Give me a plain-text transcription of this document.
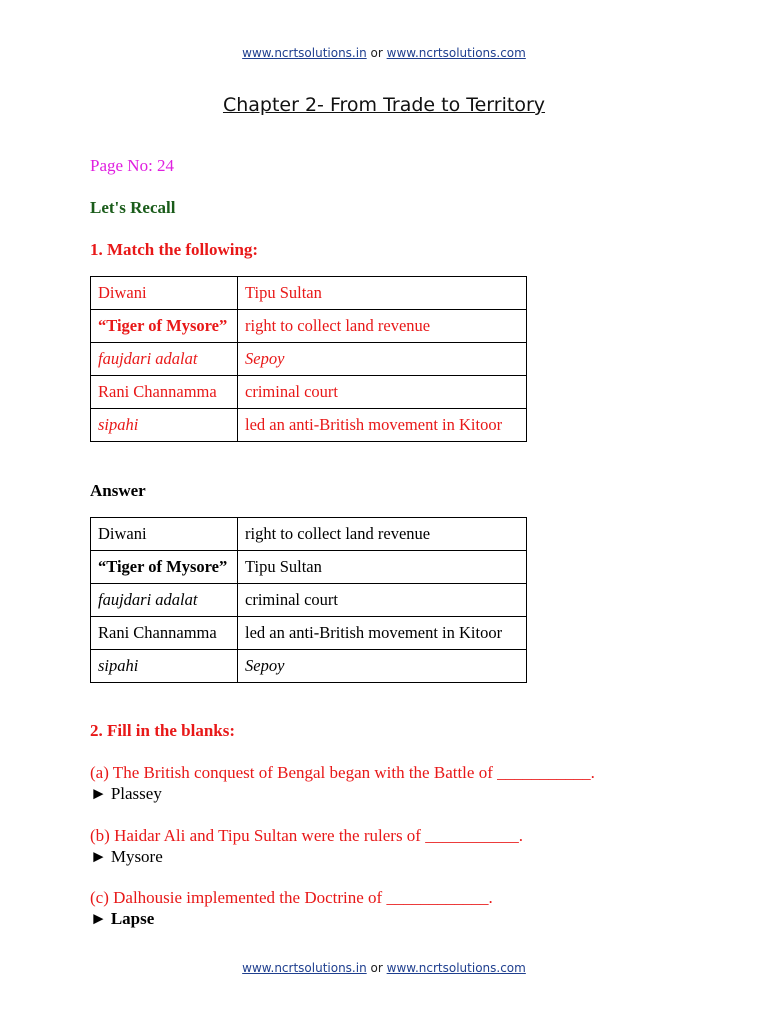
www.ncrtsolutions.in or www.ncrtsolutions.com
Chapter 2- From Trade to Territory
Page No: 24
Let's Recall
1. Match the following:
Diwani	Tipu Sultan
“Tiger of Mysore”	right to collect land revenue
faujdari adalat	Sepoy
Rani Channamma	criminal court
sipahi	led an anti-British movement in Kitoor
Answer
Diwani	right to collect land revenue
“Tiger of Mysore”	Tipu Sultan
faujdari adalat	criminal court
Rani Channamma	led an anti-British movement in Kitoor
sipahi	Sepoy
2. Fill in the blanks:
(a) The British conquest of Bengal began with the Battle of ___________.
► Plassey
(b) Haidar Ali and Tipu Sultan were the rulers of ___________.
► Mysore
(c) Dalhousie implemented the Doctrine of ____________.
► Lapse
www.ncrtsolutions.in or www.ncrtsolutions.com
